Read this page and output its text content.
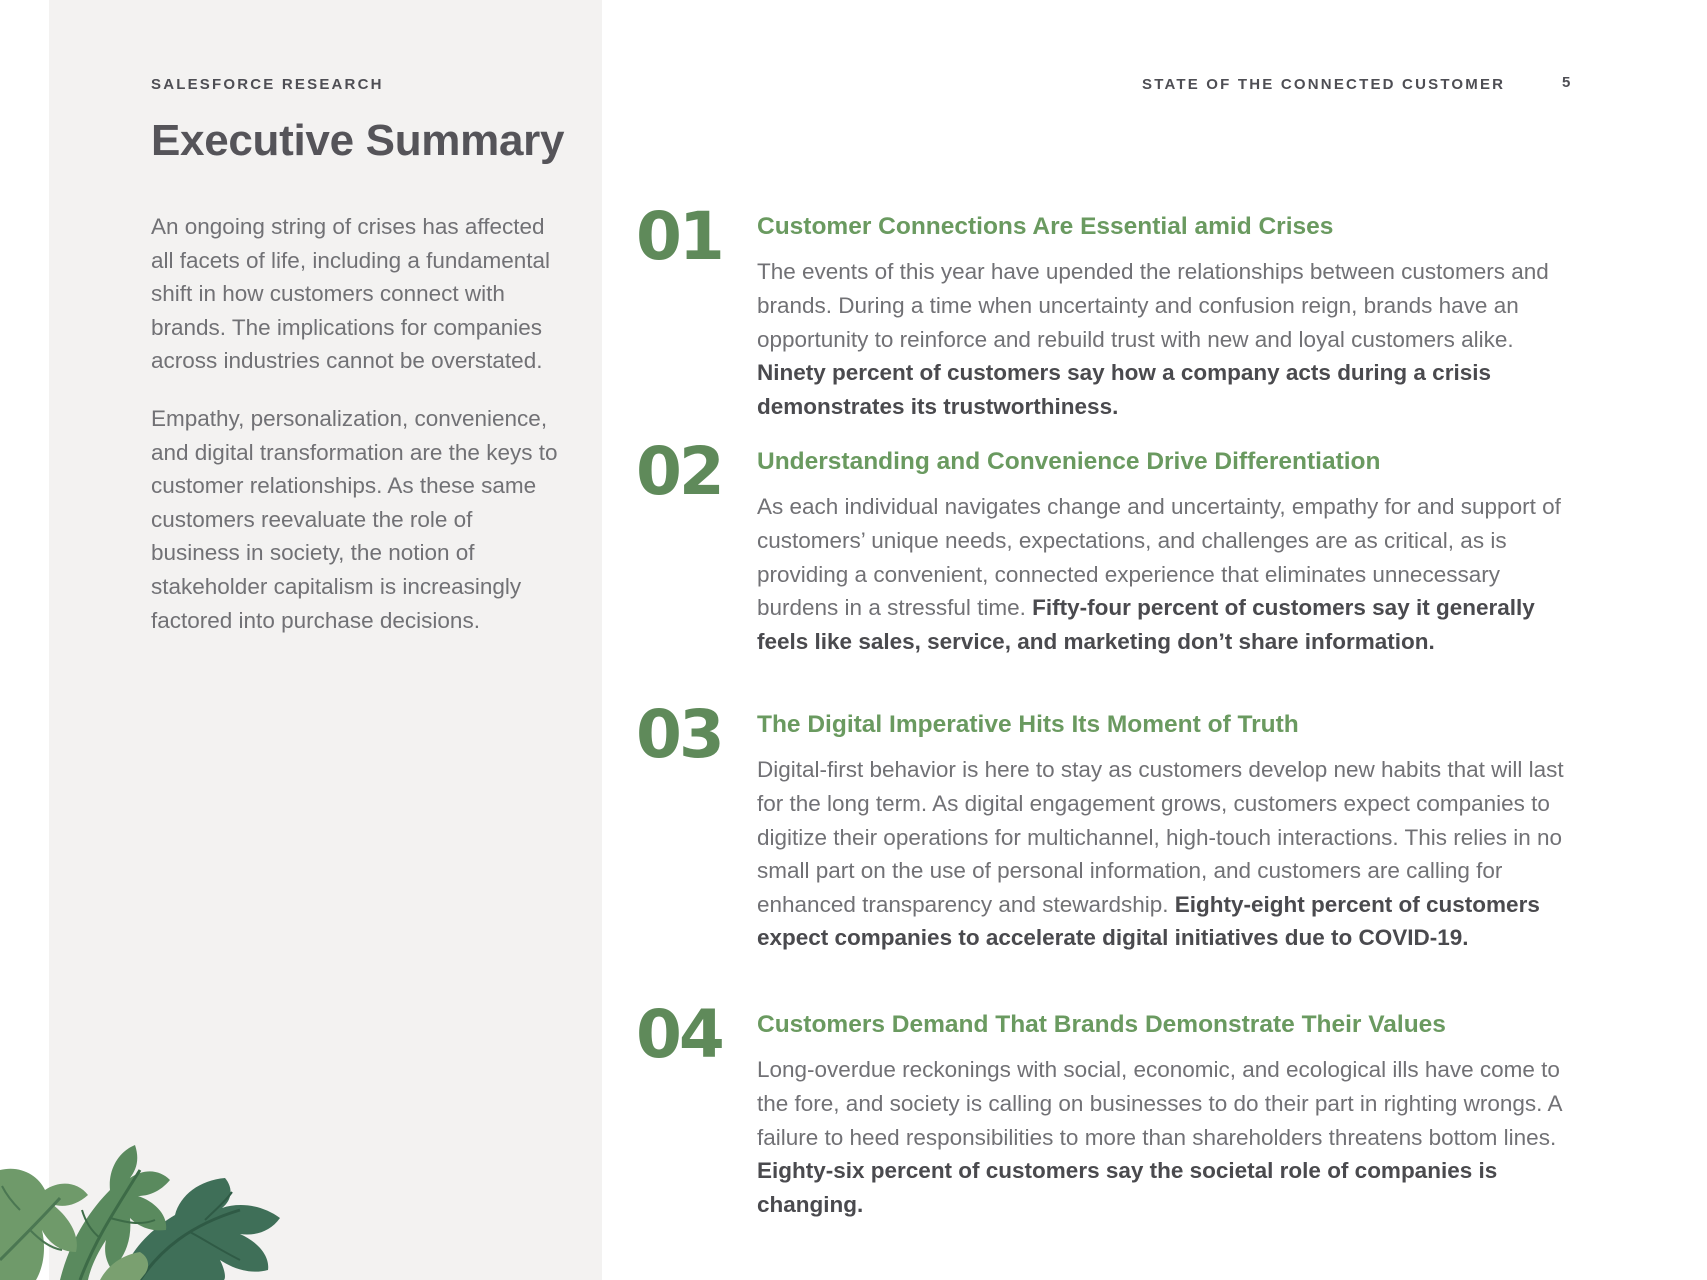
SALESFORCE RESEARCH	STATE OF THE CONNECTED CUSTOMER	5
Executive Summary

An ongoing string of crises has affected all facets of life, including a fundamental shift in how customers connect with brands. The implications for companies across industries cannot be overstated.

Empathy, personalization, convenience, and digital transformation are the keys to customer relationships. As these same customers reevaluate the role of business in society, the notion of stakeholder capitalism is increasingly factored into purchase decisions.

01 Customer Connections Are Essential amid Crises

The events of this year have upended the relationships between customers and brands. During a time when uncertainty and confusion reign, brands have an opportunity to reinforce and rebuild trust with new and loyal customers alike. Ninety percent of customers say how a company acts during a crisis demonstrates its trustworthiness.

02 Understanding and Convenience Drive Differentiation

As each individual navigates change and uncertainty, empathy for and support of customers’ unique needs, expectations, and challenges are as critical, as is providing a convenient, connected experience that eliminates unnecessary burdens in a stressful time. Fifty-four percent of customers say it generally feels like sales, service, and marketing don’t share information.

03 The Digital Imperative Hits Its Moment of Truth

Digital-first behavior is here to stay as customers develop new habits that will last for the long term. As digital engagement grows, customers expect companies to digitize their operations for multichannel, high-touch interactions. This relies in no small part on the use of personal information, and customers are calling for enhanced transparency and stewardship. Eighty-eight percent of customers expect companies to accelerate digital initiatives due to COVID-19.

04 Customers Demand That Brands Demonstrate Their Values

Long-overdue reckonings with social, economic, and ecological ills have come to the fore, and society is calling on businesses to do their part in righting wrongs. A failure to heed responsibilities to more than shareholders threatens bottom lines. Eighty-six percent of customers say the societal role of companies is changing.
